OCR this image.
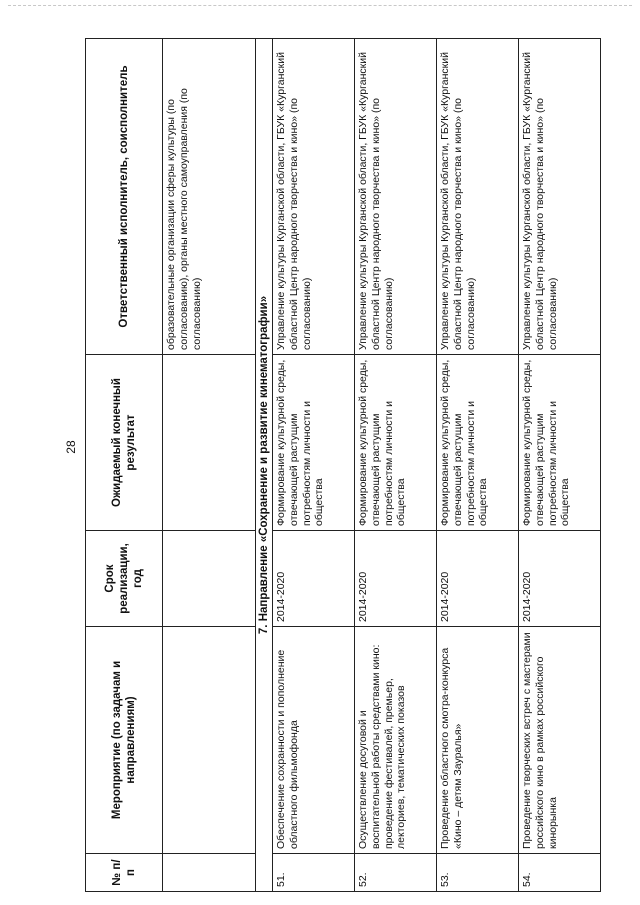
28
№ п/п	Мероприятие (по задачам и направлениям)	Срок реализации, год	Ожидаемый конечный результат	Ответственный исполнитель, соисполнитель
				образовательные организации сферы культуры (по согласованию), органы местного самоуправления (по согласованию)
7. Направление «Сохранение и развитие кинематографии»				
51.	Обеспечение сохранности и пополнение областного фильмофонда	2014-2020	Формирование культурной среды, отвечающей растущим потребностям личности и общества	Управление культуры Курганской области, ГБУК «Курганский областной Центр народного творчества и кино» (по согласованию)
52.	Осуществление досуговой и воспитательной работы средствами кино: проведение фестивалей, премьер, лекториев, тематических показов	2014-2020	Формирование культурной среды, отвечающей растущим потребностям личности и общества	Управление культуры Курганской области, ГБУК «Курганский областной Центр народного творчества и кино» (по согласованию)
53.	Проведение областного смотра-конкурса «Кино – детям Зауралья»	2014-2020	Формирование культурной среды, отвечающей растущим потребностям личности и общества	Управление культуры Курганской области, ГБУК «Курганский областной Центр народного творчества и кино» (по согласованию)
54.	Проведение творческих встреч с мастерами российского кино в рамках российского кинорынка	2014-2020	Формирование культурной среды, отвечающей растущим потребностям личности и общества	Управление культуры Курганской области, ГБУК «Курганский областной Центр народного творчества и кино» (по согласованию)
